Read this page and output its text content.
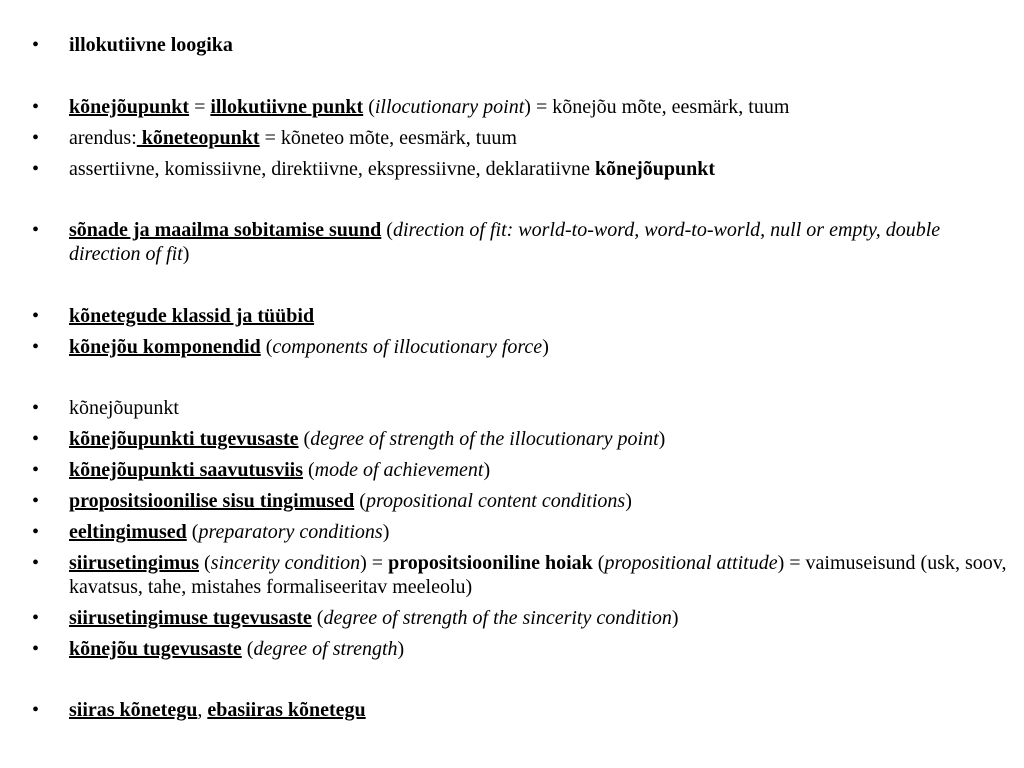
•	illokutiivne loogika
•	kõnejõupunkt = illokutiivne punkt (illocutionary point) = kõnejõu mõte, eesmärk, tuum
•	arendus: kõneteopunkt = kõneteo mõte, eesmärk, tuum
•	assertiivne, komissiivne, direktiivne, ekspressiivne, deklaratiivne kõnejõupunkt
•	sõnade ja maailma sobitamise suund (direction of fit: world-to-word, word-to-world, null or empty, double direction of fit)
•	kõnetegude klassid ja tüübid
•	kõnejõu komponendid (components of illocutionary force)
•	kõnejõupunkt
•	kõnejõupunkti tugevusaste (degree of strength of the illocutionary point)
•	kõnejõupunkti saavutusviis (mode of achievement)
•	propositsioonilise sisu tingimused (propositional content conditions)
•	eeltingimused (preparatory conditions)
•	siirusetingimus (sincerity condition) = propositsiooniline hoiak (propositional attitude) = vaimuseisund (usk, soov, kavatsus, tahe, mistahes formaliseeritav meeleolu)
•	siirusetingimuse tugevusaste (degree of strength of the sincerity condition)
•	kõnejõu tugevusaste (degree of strength)
•	siiras kõnetegu, ebasiiras kõnetegu
